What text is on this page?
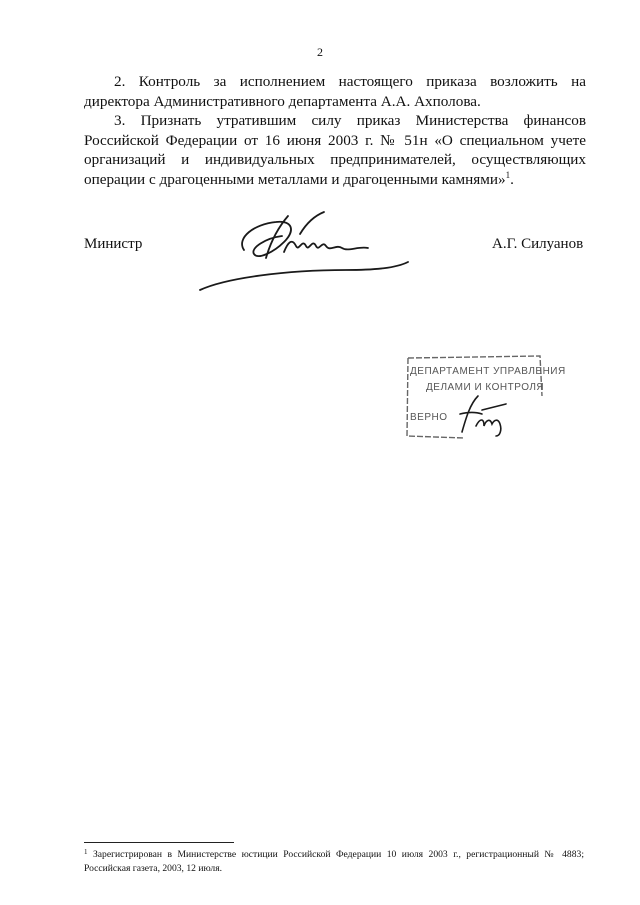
2

2. Контроль за исполнением настоящего приказа возложить на директора Административного департамента А.А. Ахполова.

3. Признать утратившим силу приказ Министерства финансов Российской Федерации от 16 июня 2003 г. № 51н «О специальном учете организаций и индивидуальных предпринимателей, осуществляющих операции с драгоценными металлами и драгоценными камнями»$^1$.

Министр	А.Г. Силуанов
ДЕПАРТАМЕНТ УПРАВЛЕНИЯ
ДЕЛАМИ И КОНТРОЛЯ
ВЕРНО
$^1$ Зарегистрирован в Министерстве юстиции Российской Федерации 10 июля 2003 г., регистрационный № 4883; Российская газета, 2003, 12 июля.
